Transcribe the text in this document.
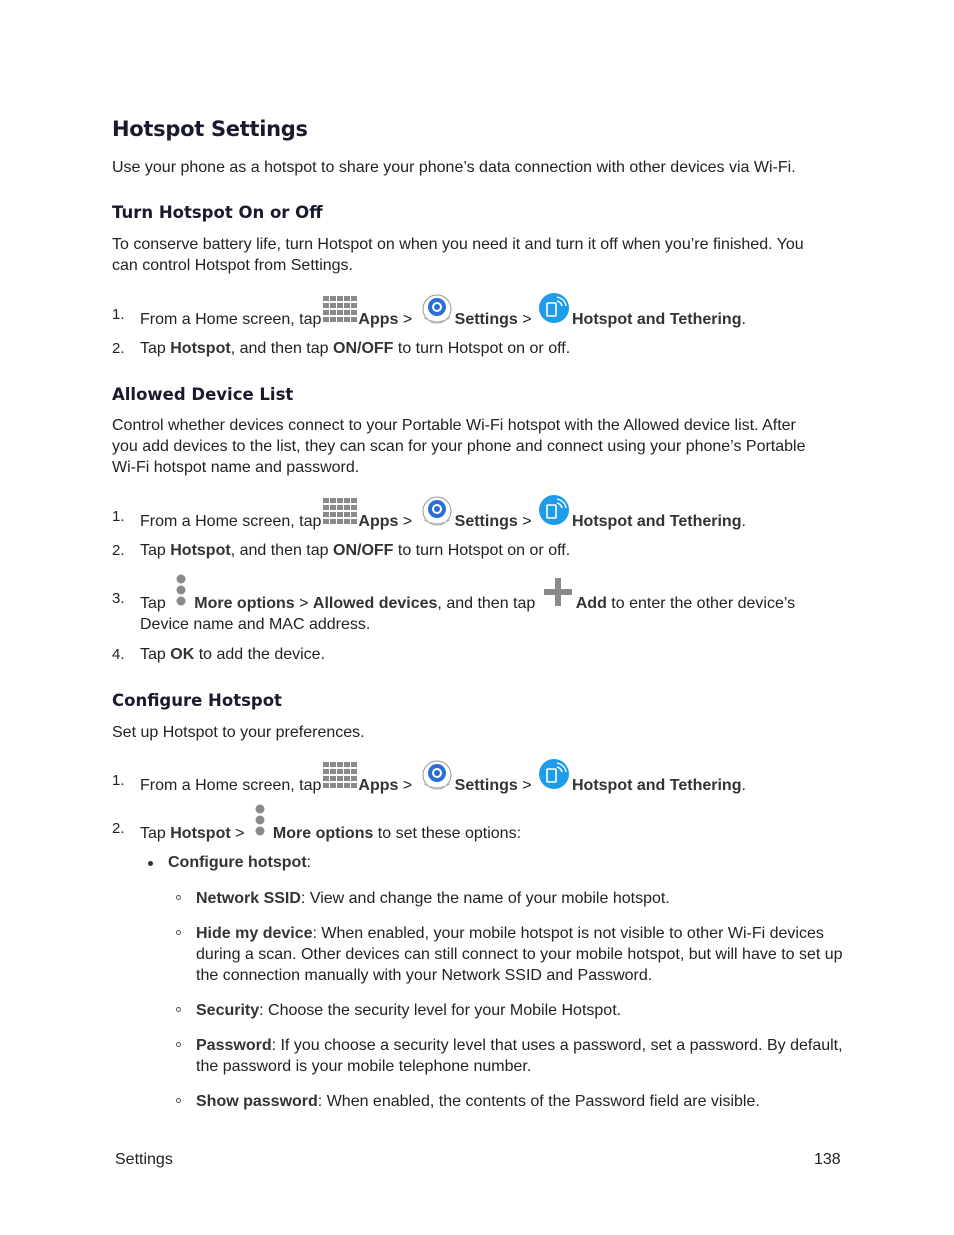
Hotspot Settings

Use your phone as a hotspot to share your phone’s data connection with other devices via Wi-Fi.

Turn Hotspot On or Off

To conserve battery life, turn Hotspot on when you need it and turn it off when you’re finished. You can control Hotspot from Settings.

1. From a Home screen, tap Apps >
Settings >
Hotspot and Tethering.
2. Tap Hotspot, and then tap ON/OFF to turn Hotspot on or off.
Allowed Device List

Control whether devices connect to your Portable Wi-Fi hotspot with the Allowed device list. After you add devices to the list, they can scan for your phone and connect using your phone’s Portable Wi-Fi hotspot name and password.

1. From a Home screen, tap Apps >
Settings >
Hotspot and Tethering.
2. Tap Hotspot, and then tap ON/OFF to turn Hotspot on or off.
3. Tap
More options > Allowed devices, and then tap
Add to enter the other device’s
Device name and MAC address.
4. Tap OK to add the device.
Configure Hotspot

Set up Hotspot to your preferences.

1. From a Home screen, tap Apps >
Settings >
Hotspot and Tethering.
2. Tap Hotspot >
More options to set these options:
Configure hotspot:
Network SSID: View and change the name of your mobile hotspot.
Hide my device: When enabled, your mobile hotspot is not visible to other Wi-Fi devices during a scan. Other devices can still connect to your mobile hotspot, but will have to set up the connection manually with your Network SSID and Password.
Security: Choose the security level for your Mobile Hotspot.
Password: If you choose a security level that uses a password, set a password. By default, the password is your mobile telephone number.
Show password: When enabled, the contents of the Password field are visible.
Settings	138
